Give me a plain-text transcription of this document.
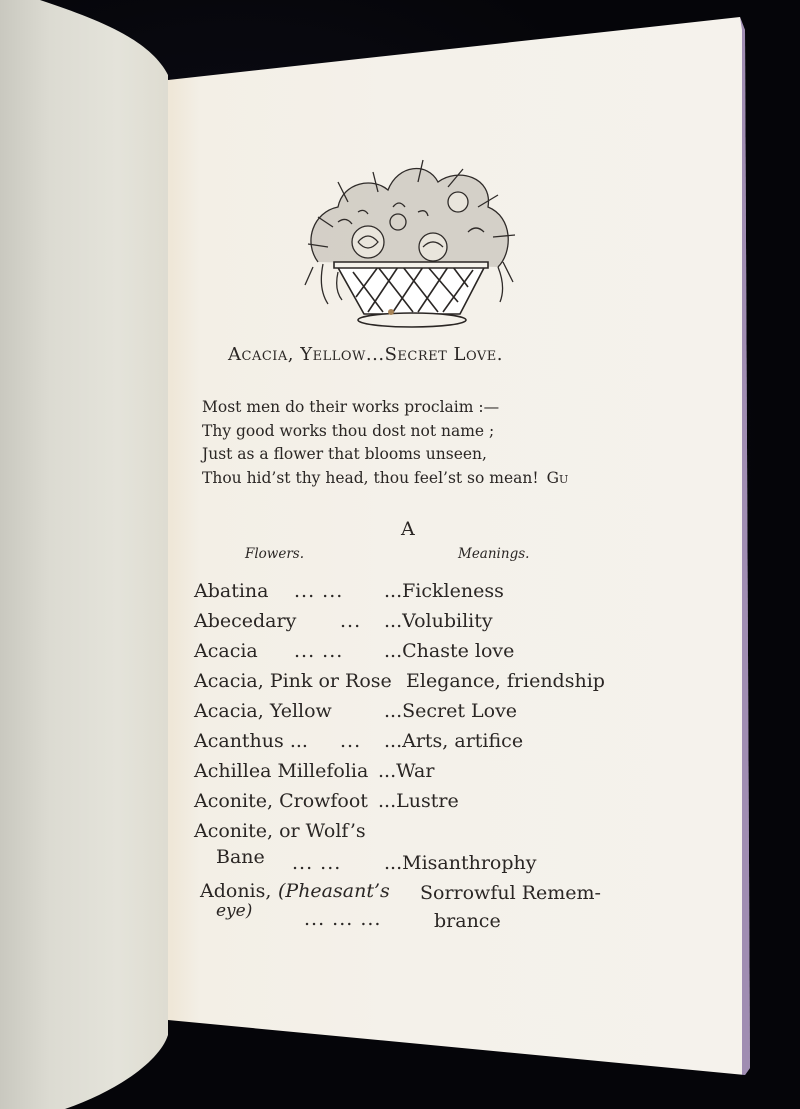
Acacia, Yellow...Secret Love.
Most men do their works proclaim :—
Thy good works thou dost not name ;
Just as a flower that blooms unseen,
Thou hid’st thy head, thou feel’st so mean! Gu
A
Flowers.	Meanings.
Abatina ... ... ...Fickleness
Abecedary ... ...Volubility
Acacia ... ... ...Chaste love
Acacia, Pink or Rose Elegance, friendship
Acacia, Yellow	...Secret Love
Acanthus ... ... ...Arts, artifice
Achillea Millefolia ...War
Aconite, Crowfoot ...Lustre
Aconite, or Wolf’s
Bane ... ... ...Misanthrophy
Adonis, (Pheasant’s Sorrowful Remem-
eye)	... ... ...	brance
